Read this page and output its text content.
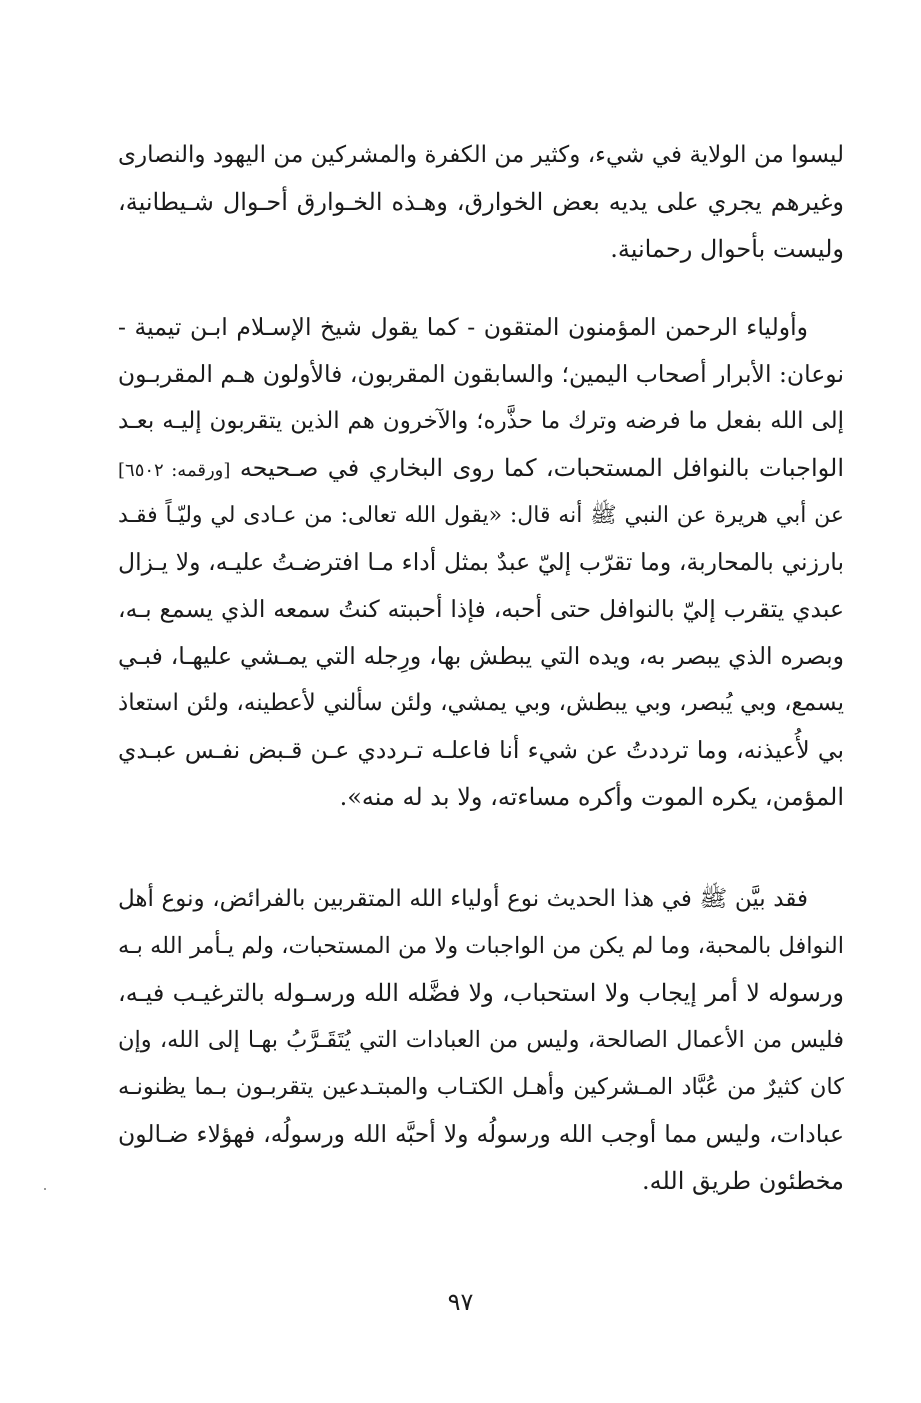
ليسوا من الولاية في شيء، وكثير من الكفرة والمشركين من اليهود والنصارى
وغيرهم يجري على يديه بعض الخوارق، وهـذه الخـوارق أحـوال شـيطانية،
وليست بأحوال رحمانية.
وأولياء الرحمن المؤمنون المتقون - كما يقول شيخ الإسـلام ابـن تيمية -
نوعان: الأبرار أصحاب اليمين؛ والسابقون المقربون، فالأولون هـم المقربـون
إلى الله بفعل ما فرضه وترك ما حذَّره؛ والآخرون هم الذين يتقربون إليـه بعـد
الواجبات بالنوافل المستحبات، كما روى البخاري في صـحيحه [ورقمه: ٦٥٠٢]
عن أبي هريرة عن النبي ﷺ أنه قال: «يقول الله تعالى: من عـادى لي وليّـاً فقـد
بارزني بالمحاربة، وما تقرّب إليّ عبدٌ بمثل أداء مـا افترضـتُ عليـه، ولا يـزال
عبدي يتقرب إليّ بالنوافل حتى أحبه، فإذا أحببته كنتُ سمعه الذي يسمع بـه،
وبصره الذي يبصر به، ويده التي يبطش بها، ورِجله التي يمـشي عليهـا، فبـي
يسمع، وبي يُبصر، وبي يبطش، وبي يمشي، ولئن سألني لأعطينه، ولئن استعاذ
بي لأُعيذنه، وما ترددتُ عن شيء أنا فاعلـه تـرددي عـن قـبض نفـس عبـدي
المؤمن، يكره الموت وأكره مساءته، ولا بد له منه».
فقد بيَّن ﷺ في هذا الحديث نوع أولياء الله المتقربين بالفرائض، ونوع أهل
النوافل بالمحبة، وما لم يكن من الواجبات ولا من المستحبات، ولم يـأمر الله بـه
ورسوله لا أمر إيجاب ولا استحباب، ولا فضَّله الله ورسـوله بالترغيـب فيـه،
فليس من الأعمال الصالحة، وليس من العبادات التي يُتَقَـرَّبُ بهـا إلى الله، وإن
كان كثيرٌ من عُبَّاد المـشركين وأهـل الكتـاب والمبتـدعين يتقربـون بـما يظنونـه
عبادات، وليس مما أوجب الله ورسولُه ولا أحبَّه الله ورسولُه، فهؤلاء ضـالون
مخطئون طريق الله.
٩٧
